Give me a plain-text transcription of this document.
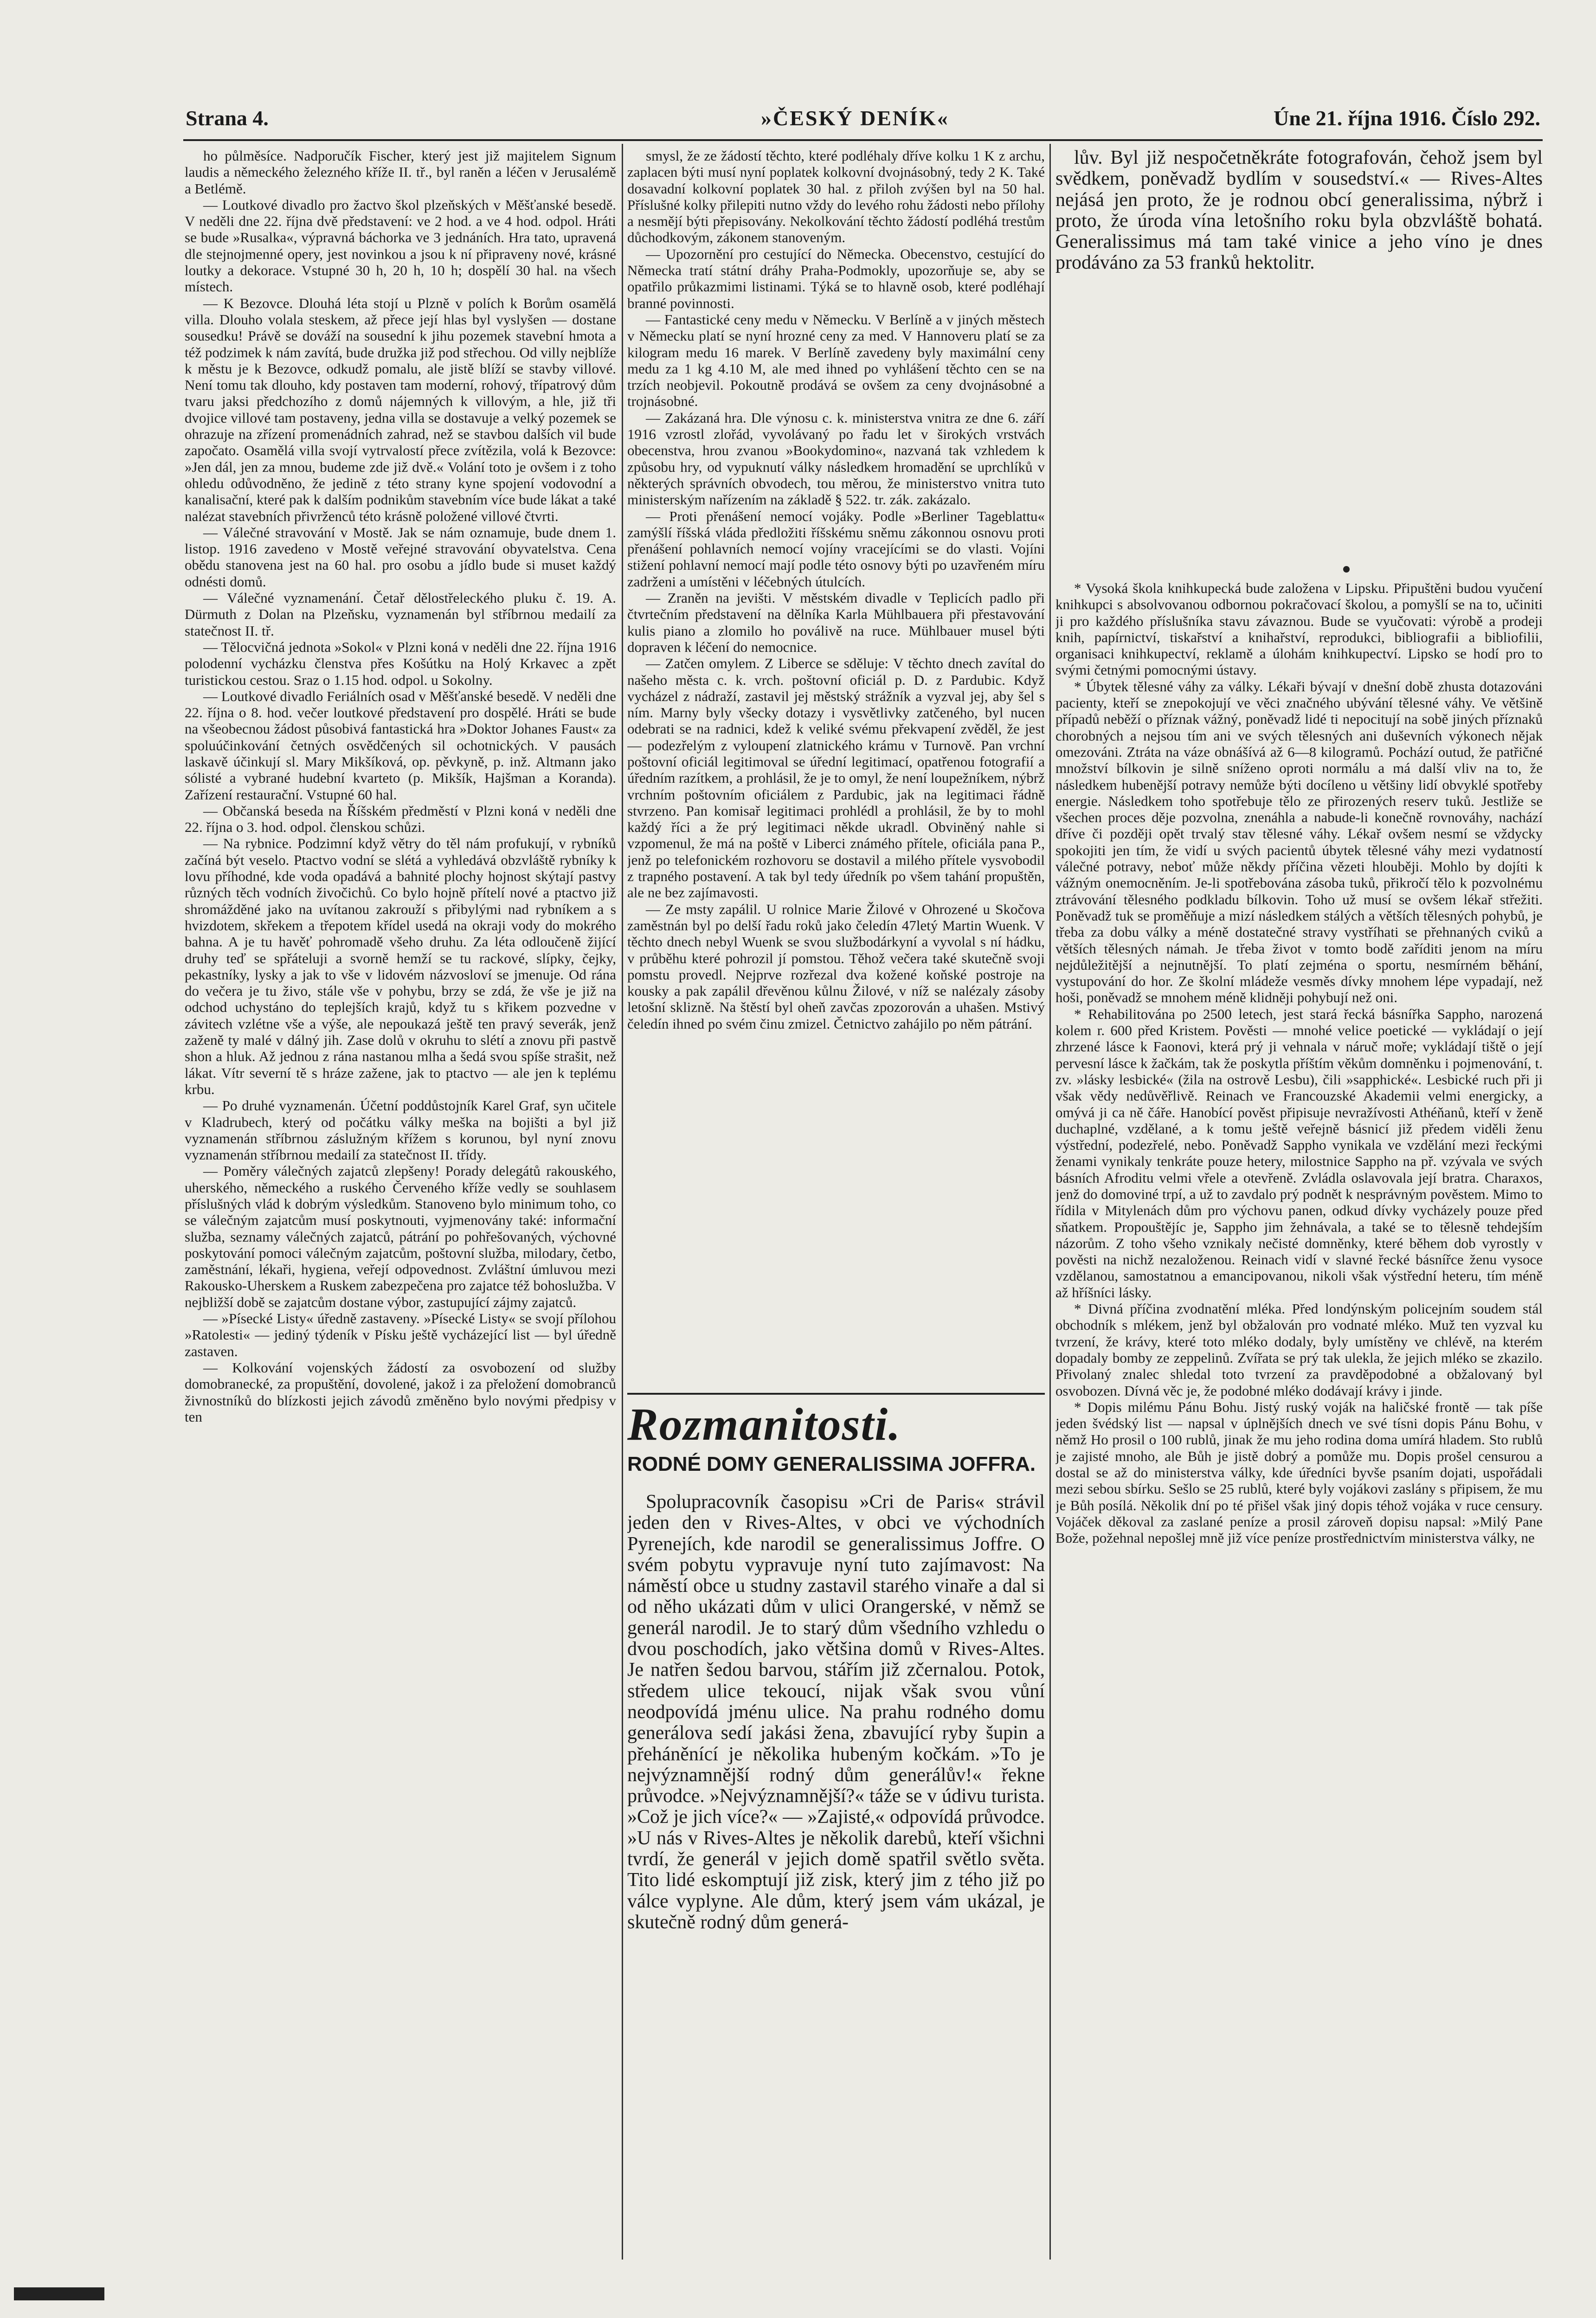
Strana 4.	»ČESKÝ DENÍK«	Úne 21. října 1916. Číslo 292.

ho půlměsíce. Nadporučík Fischer, který jest již majitelem Signum laudis a německého železného kříže II. tř., byl raněn a léčen v Jerusalémě a Betlémě.

— Loutkové divadlo pro žactvo škol plzeňských v Měšťanské besedě. V neděli dne 22. října dvě představení: ve 2 hod. a ve 4 hod. odpol. Hráti se bude »Rusalka«, výpravná báchorka ve 3 jednáních. Hra tato, upravená dle stejnojmenné opery, jest novinkou a jsou k ní připraveny nové, krásné loutky a dekorace. Vstupné 30 h, 20 h, 10 h; dospělí 30 hal. na všech místech.

— K Bezovce. Dlouhá léta stojí u Plzně v polích k Borům osamělá villa. Dlouho volala steskem, až přece její hlas byl vyslyšen — dostane sousedku! Právě se dováží na sousední k jihu pozemek stavební hmota a též podzimek k nám zavítá, bude družka již pod střechou. Od villy nejblíže k městu je k Bezovce, odkudž pomalu, ale jistě blíží se stavby villové. Není tomu tak dlouho, kdy postaven tam moderní, rohový, třípatrový dům tvaru jaksi předchozího z domů nájemných k villovým, a hle, již tři dvojice villové tam postaveny, jedna villa se dostavuje a velký pozemek se ohrazuje na zřízení promenádních zahrad, než se stavbou dalších vil bude započato. Osamělá villa svojí vytrvalostí přece zvítězila, volá k Bezovce: »Jen dál, jen za mnou, budeme zde již dvě.« Volání toto je ovšem i z toho ohledu odůvodněno, že jedině z této strany kyne spojení vodovodní a kanalisační, které pak k dalším podnikům stavebním více bude lákat a také nalézat stavebních přivrženců této krásně položené villové čtvrti.

— Válečné stravování v Mostě. Jak se nám oznamuje, bude dnem 1. listop. 1916 zavedeno v Mostě veřejné stravování obyvatelstva. Cena obědu stanovena jest na 60 hal. pro osobu a jídlo bude si muset každý odnésti domů.

— Válečné vyznamenání. Četař dělostřeleckého pluku č. 19. A. Dürmuth z Dolan na Plzeňsku, vyznamenán byl stříbrnou medailí za statečnost II. tř.

— Tělocvičná jednota »Sokol« v Plzni koná v neděli dne 22. října 1916 polodenní vycházku členstva přes Košútku na Holý Krkavec a zpět turistickou cestou. Sraz o 1.15 hod. odpol. u Sokolny.

— Loutkové divadlo Feriálních osad v Měšťanské besedě. V neděli dne 22. října o 8. hod. večer loutkové představení pro dospělé. Hráti se bude na všeobecnou žádost působivá fantastická hra »Doktor Johanes Faust« za spoluúčinkování četných osvědčených sil ochotnických. V pausách laskavě účinkují sl. Mary Mikšíková, op. pěvkyně, p. inž. Altmann jako sólisté a vybrané hudební kvarteto (p. Mikšík, Hajšman a Koranda). Zařízení restaurační. Vstupné 60 hal.

— Občanská beseda na Říšském předměstí v Plzni koná v neděli dne 22. října o 3. hod. odpol. členskou schůzi.

— Na rybnice. Podzimní když větry do těl nám profukují, v rybníků začíná být veselo. Ptactvo vodní se slétá a vyhledává obzvláště rybníky k lovu příhodné, kde voda opadává a bahnité plochy hojnost skýtají pastvy různých těch vodních živočichů. Co bylo hojně přítelí nové a ptactvo již shromážděné jako na uvítanou zakrouží s přibylými nad rybníkem a s hvizdotem, skřekem a třepotem křídel usedá na okraji vody do mokrého bahna. A je tu havěť pohromadě všeho druhu. Za léta odloučeně žijící druhy teď se spřáteluji a svorně hemží se tu rackové, slípky, čejky, pekastníky, lysky a jak to vše v lidovém názvosloví se jmenuje. Od rána do večera je tu živo, stále vše v pohybu, brzy se zdá, že vše je již na odchod uchystáno do teplejších krajů, když tu s křikem pozvedne v závitech vzlétne vše a výše, ale nepoukazá ještě ten pravý severák, jenž zaženě ty malé v dálný jih. Zase dolů v okruhu to slétí a znovu při pastvě shon a hluk. Až jednou z rána nastanou mlha a šedá svou spíše strašit, než lákat. Vítr severní tě s hráze zažene, jak to ptactvo — ale jen k teplému krbu.

— Po druhé vyznamenán. Účetní poddůstojník Karel Graf, syn učitele v Kladrubech, který od počátku války meška na bojišti a byl již vyznamenán stříbrnou záslužným křížem s korunou, byl nyní znovu vyznamenán stříbrnou medailí za statečnost II. třídy.

— Poměry válečných zajatců zlepšeny! Porady delegátů rakouského, uherského, německého a ruského Červeného kříže vedly se souhlasem příslušných vlád k dobrým výsledkům. Stanoveno bylo minimum toho, co se válečným zajatcům musí poskytnouti, vyjmenovány také: informační služba, seznamy válečných zajatců, pátrání po pohřešovaných, výchovné poskytování pomoci válečným zajatcům, poštovní služba, milodary, četbo, zaměstnání, lékaři, hygiena, veřejí odpovednost. Zvláštní úmluvou mezi Rakousko-Uherskem a Ruskem zabezpečena pro zajatce též bohoslužba. V nejbližší době se zajatcům dostane výbor, zastupující zájmy zajatců.

— »Písecké Listy« úředně zastaveny. »Písecké Listy« se svojí přílohou »Ratolesti« — jediný týdeník v Písku ještě vycházející list — byl úředně zastaven.

— Kolkování vojenských žádostí za osvobození od služby domobranecké, za propuštění, dovolené, jakož i za přeložení domobranců živnostníků do blízkosti jejich závodů změněno bylo novými předpisy v ten

smysl, že ze žádostí těchto, které podléhaly dříve kolku 1 K z archu, zaplacen býti musí nyní poplatek kolkovní dvojnásobný, tedy 2 K. Také dosavadní kolkovní poplatek 30 hal. z přiloh zvýšen byl na 50 hal. Příslušné kolky přilepiti nutno vždy do levého rohu žádosti nebo přílohy a nesmějí býti přepisovány. Nekolkování těchto žádostí podléhá trestům důchodkovým, zákonem stanoveným.

— Upozornění pro cestující do Německa. Obecenstvo, cestující do Německa tratí státní dráhy Praha-Podmokly, upozorňuje se, aby se opatřilo průkazmimi listinami. Týká se to hlavně osob, které podléhají branné povinnosti.

— Fantastické ceny medu v Německu. V Berlíně a v jiných městech v Německu platí se nyní hrozné ceny za med. V Hannoveru platí se za kilogram medu 16 marek. V Berlíně zavedeny byly maximální ceny medu za 1 kg 4.10 M, ale med ihned po vyhlášení těchto cen se na trzích neobjevil. Pokoutně prodává se ovšem za ceny dvojnásobné a trojnásobné.

— Zakázaná hra. Dle výnosu c. k. ministerstva vnitra ze dne 6. září 1916 vzrostl zlořád, vyvolávaný po řadu let v širokých vrstvách obecenstva, hrou zvanou »Bookydomino«, nazvaná tak vzhledem k způsobu hry, od vypuknutí války následkem hromadění se uprchlíků v některých správních obvodech, tou měrou, že ministerstvo vnitra tuto ministerským nařízením na základě § 522. tr. zák. zakázalo.

— Proti přenášení nemocí vojáky. Podle »Berliner Tageblattu« zamýšlí říšská vláda předložiti říšskému sněmu zákonnou osnovu proti přenášení pohlavních nemocí vojíny vracejícími se do vlasti. Vojíni stižení pohlavní nemocí mají podle této osnovy býti po uzavřeném míru zadrženi a umístěni v léčebných útulcích.

— Zraněn na jevišti. V městském divadle v Teplicích padlo při čtvrtečním představení na dělníka Karla Mühlbauera při přestavování kulis piano a zlomilo ho poválivě na ruce. Mühlbauer musel býti dopraven k léčení do nemocnice.

— Zatčen omylem. Z Liberce se sděluje: V těchto dnech zavítal do našeho města c. k. vrch. poštovní oficiál p. D. z Pardubic. Když vycházel z nádraží, zastavil jej městský strážník a vyzval jej, aby šel s ním. Marny byly všecky dotazy i vysvětlivky zatčeného, byl nucen odebrati se na radnici, kdež k veliké svému překvapení zvěděl, že jest — podezřelým z vyloupení zlatnického krámu v Turnově. Pan vrchní poštovní oficiál legitimoval se úřední legitimací, opatřenou fotografií a úředním razítkem, a prohlásil, že je to omyl, že není loupežníkem, nýbrž vrchním poštovním oficiálem z Pardubic, jak na legitimaci řádně stvrzeno. Pan komisař legitimaci prohlédl a prohlásil, že by to mohl každý říci a že prý legitimaci někde ukradl. Obviněný nahle si vzpomenul, že má na poště v Liberci známého přítele, oficiála pana P., jenž po telefonickém rozhovoru se dostavil a milého přítele vysvobodil z trapného postavení. A tak byl tedy úředník po všem tahání propuštěn, ale ne bez zajímavosti.

— Ze msty zapálil. U rolnice Marie Žilové v Ohrozené u Skočova zaměstnán byl po delší řadu roků jako čeledín 47letý Martin Wuenk. V těchto dnech nebyl Wuenk se svou službodárkyní a vyvolal s ní hádku, v průběhu které pohrozil jí pomstou. Těhož večera také skutečně svoji pomstu provedl. Nejprve rozřezal dva kožené koňské postroje na kousky a pak zapálil dřevěnou kůlnu Žilové, v níž se nalézaly zásoby letošní sklizně. Na štěstí byl oheň zavčas zpozorován a uhašen. Mstivý čeledín ihned po svém činu zmizel. Četnictvo zahájilo po něm pátrání.

Rozmanitosti.
RODNÉ DOMY GENERALISSIMA JOFFRA.

Spolupracovník časopisu »Cri de Paris« strávil jeden den v Rives-Altes, v obci ve východních Pyrenejích, kde narodil se generalissimus Joffre. O svém pobytu vypravuje nyní tuto zajímavost: Na náměstí obce u studny zastavil starého vinaře a dal si od něho ukázati dům v ulici Orangerské, v němž se generál narodil. Je to starý dům všedního vzhledu o dvou poschodích, jako většina domů v Rives-Altes. Je natřen šedou barvou, stářím již zčernalou. Potok, středem ulice tekoucí, nijak však svou vůní neodpovídá jménu ulice. Na prahu rodného domu generálova sedí jakási žena, zbavující ryby šupin a přeháněnící je několika hubeným kočkám. »To je nejvýznamnější rodný dům generálův!« řekne průvodce. »Nejvýznamnější?« táže se v údivu turista. »Což je jich více?« — »Zajisté,« odpovídá průvodce. »U nás v Rives-Altes je několik darebů, kteří všichni tvrdí, že generál v jejich domě spatřil světlo světa. Tito lidé eskomptují již zisk, který jim z tého již po válce vyplyne. Ale dům, který jsem vám ukázal, je skutečně rodný dům generá-

lův. Byl již nespočetněkráte fotografován, čehož jsem byl svědkem, poněvadž bydlím v sousedství.« — Rives-Altes nejásá jen proto, že je rodnou obcí generalissima, nýbrž i proto, že úroda vína letošního roku byla obzvláště bohatá. Generalissimus má tam také vinice a jeho víno je dnes prodáváno za 53 franků hektolitr.

* Vysoká škola knihkupecká bude založena v Lipsku. Připuštěni budou vyučení knihkupci s absolvovanou odbornou pokračovací školou, a pomyšlí se na to, učiniti ji pro každého příslušníka stavu závaznou. Bude se vyučovati: výrobě a prodeji knih, papírnictví, tiskařství a knihařství, reprodukci, bibliografii a bibliofilii, organisaci knihkupectví, reklamě a úlohám knihkupectví. Lipsko se hodí pro to svými četnými pomocnými ústavy.

* Úbytek tělesné váhy za války. Lékaři bývají v dnešní době zhusta dotazováni pacienty, kteří se znepokojují ve věci značného ubývání tělesné váhy. Ve většině případů neběží o příznak vážný, poněvadž lidé ti nepocitují na sobě jiných příznaků chorobných a nejsou tím ani ve svých tělesných ani duševních výkonech nějak omezováni. Ztráta na váze obnášívá až 6—8 kilogramů. Pochází outud, že patřičné množství bílkovin je silně sníženo oproti normálu a má další vliv na to, že následkem hubenější potravy nemůže býti docíleno u většiny lidí obvyklé spotřeby energie. Následkem toho spotřebuje tělo ze přirozených reserv tuků. Jestliže se všechen proces děje pozvolna, znenáhla a nabude-li konečně rovnováhy, nachází dříve či později opět trvalý stav tělesné váhy. Lékař ovšem nesmí se vždycky spokojiti jen tím, že vidí u svých pacientů úbytek tělesné váhy mezi vydatností válečné potravy, neboť může někdy příčina vězeti hlouběji. Mohlo by dojíti k vážným onemocněním. Je-li spotřebována zásoba tuků, přikročí tělo k pozvolnému ztrávování tělesného podkladu bílkovin. Toho už musí se ovšem lékař střežiti. Poněvadž tuk se proměňuje a mizí následkem stálých a větších tělesných pohybů, je třeba za dobu války a méně dostatečné stravy vystříhati se přehnaných cviků a větších tělesných námah. Je třeba život v tomto bodě zaříditi jenom na míru nejdůležitější a nejnutnější. To platí zejména o sportu, nesmírném běhání, vystupování do hor. Ze školní mládeže vesměs dívky mnohem lépe vypadají, než hoši, poněvadž se mnohem méně klidněji pohybují než oni.

* Rehabilitována po 2500 letech, jest stará řecká básnířka Sappho, narozená kolem r. 600 před Kristem. Pověsti — mnohé velice poetické — vykládají o její zhrzené lásce k Faonovi, která prý ji vehnala v náruč moře; vykládají tiště o její pervesní lásce k žačkám, tak že poskytla příštím věkům domněnku i pojmenování, t. zv. »lásky lesbické« (žila na ostrově Lesbu), čili »sapphické«. Lesbické ruch při ji však vědy nedůvěřlivě. Reinach ve Francouzské Akademii velmi energicky, a omývá ji ca ně čáře. Hanobící pověst připisuje nevražívosti Athéňanů, kteří v ženě duchaplné, vzdělané, a k tomu ještě veřejně básnicí již předem viděli ženu výstřední, podezřelé, nebo. Poněvadž Sappho vynikala ve vzdělání mezi řeckými ženami vynikaly tenkráte pouze hetery, milostnice Sappho na př. vzývala ve svých básních Afroditu velmi vřele a otevřeně. Zvládla oslavovala její bratra. Charaxos, jenž do domoviné trpí, a už to zavdalo prý podnět k nesprávným pověstem. Mimo to řídila v Mitylenách dům pro výchovu panen, odkud dívky vycházely pouze před sňatkem. Propouštějíc je, Sappho jim žehnávala, a také se to tělesně tehdejším názorům. Z toho všeho vznikaly nečisté domněnky, které během dob vyrostly v pověsti na nichž nezaloženou. Reinach vidí v slavné řecké básnířce ženu vysoce vzdělanou, samostatnou a emancipovanou, nikoli však výstřední heteru, tím méně až hříšníci lásky.

* Divná příčina zvodnatění mléka. Před londýnským policejním soudem stál obchodník s mlékem, jenž byl obžalován pro vodnaté mléko. Muž ten vyzval ku tvrzení, že krávy, které toto mléko dodaly, byly umístěny ve chlévě, na kterém dopadaly bomby ze zeppelinů. Zvířata se prý tak ulekla, že jejich mléko se zkazilo. Přivolaný znalec shledal toto tvrzení za pravděpodobné a obžalovaný byl osvobozen. Dívná věc je, že podobné mléko dodávají krávy i jinde.

* Dopis milému Pánu Bohu. Jistý ruský voják na haličské frontě — tak píše jeden švédský list — napsal v úplnějších dnech ve své tísni dopis Pánu Bohu, v němž Ho prosil o 100 rublů, jinak že mu jeho rodina doma umírá hladem. Sto rublů je zajisté mnoho, ale Bůh je jistě dobrý a pomůže mu. Dopis prošel censurou a dostal se až do ministerstva války, kde úředníci byvše psaním dojati, uspořádali mezi sebou sbírku. Sešlo se 25 rublů, které byly vojákovi zaslány s připisem, že mu je Bůh posílá. Několik dní po té přišel však jiný dopis téhož vojáka v ruce censury. Vojáček děkoval za zaslané peníze a prosil zároveň dopisu napsal: »Milý Pane Bože, požehnal nepošlej mně již více peníze prostřednictvím ministerstva války, ne
